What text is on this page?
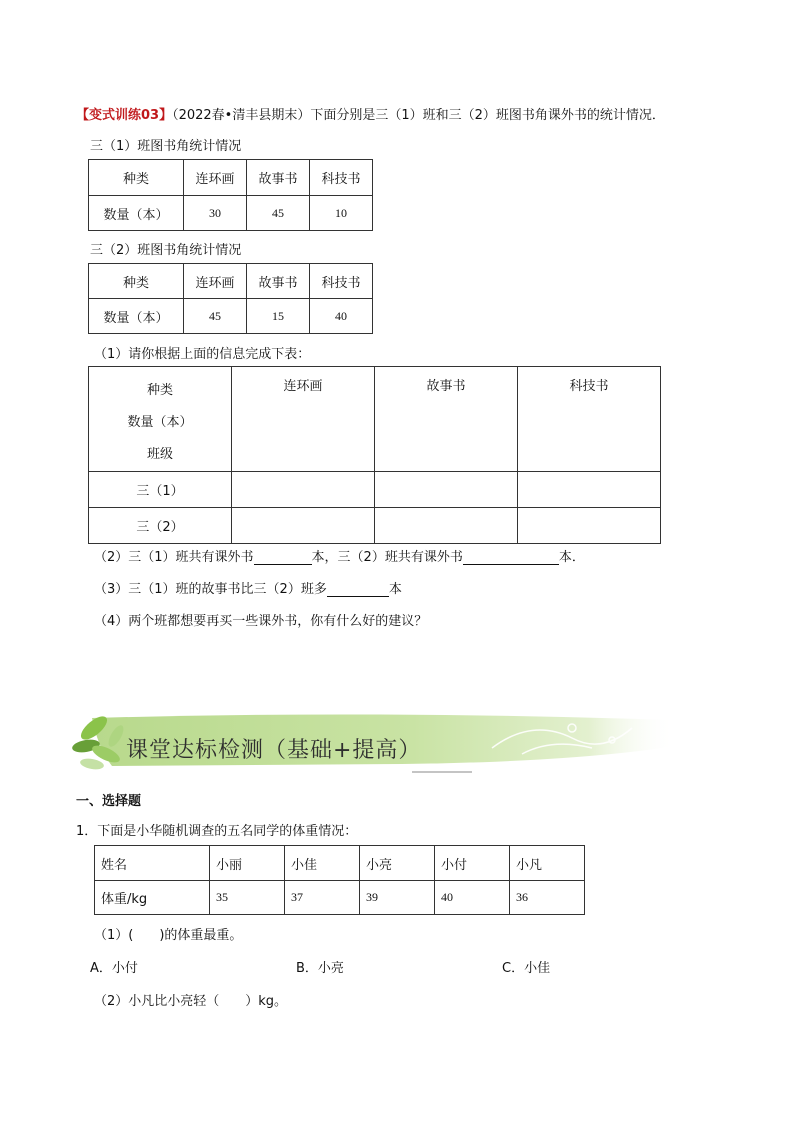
【变式训练03】（2022春•清丰县期末）下面分别是三（1）班和三（2）班图书角课外书的统计情况．
三（1）班图书角统计情况
种类	连环画	故事书	科技书
数量（本）	30	45	10
三（2）班图书角统计情况
种类	连环画	故事书	科技书
数量（本）	45	15	40
（1）请你根据上面的信息完成下表：
种类
数量（本）
班级	连环画	故事书	科技书
三（1）			
三（2）			
（2）三（1）班共有课外书	本，三（2）班共有课外书	本．
（3）三（1）班的故事书比三（2）班多	本
（4）两个班都想要再买一些课外书，你有什么好的建议？
课堂达标检测（基础+提高）
一、选择题
1．下面是小华随机调查的五名同学的体重情况：
姓名	小丽	小佳	小亮	小付	小凡
体重/kg	35	37	39	40	36
（1）(　　)的体重最重。
A．小付	B．小亮	C．小佳
（2）小凡比小亮轻（　　）kg。
